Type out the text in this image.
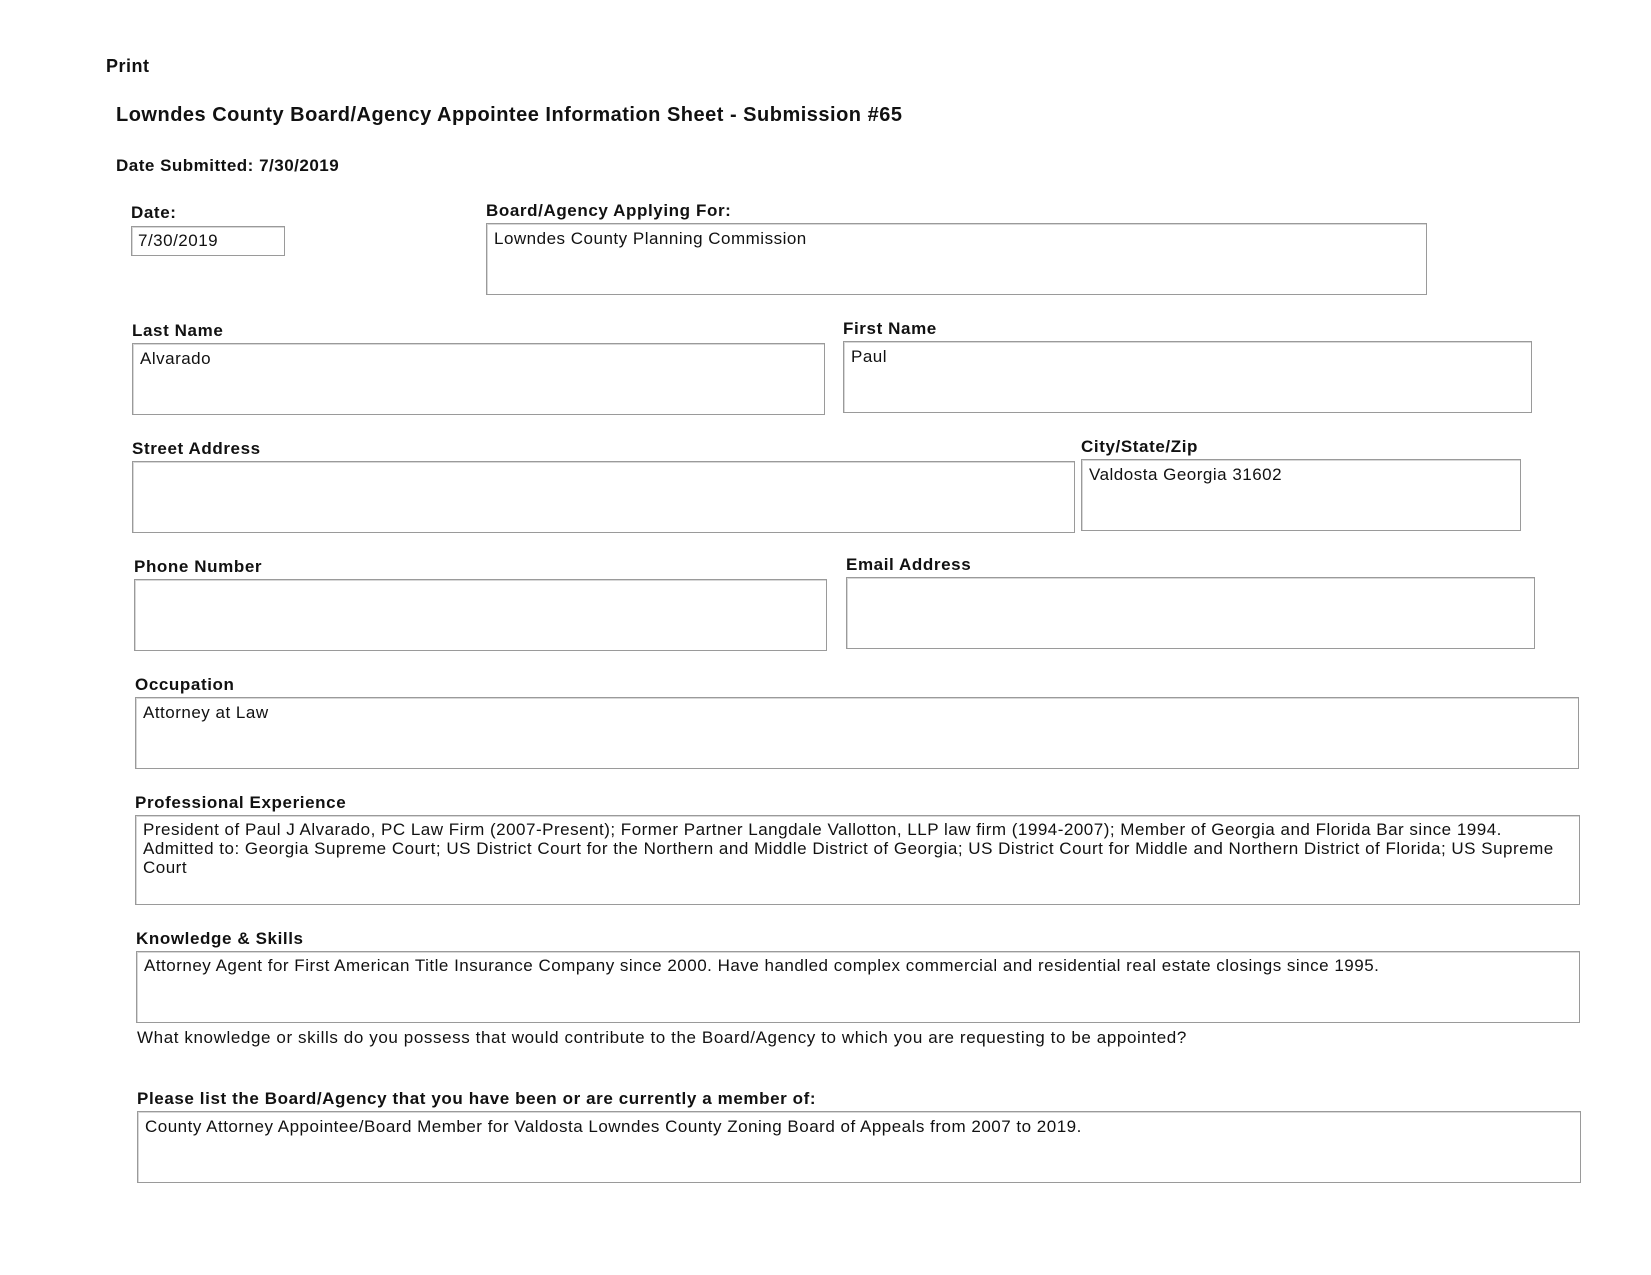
Print
Lowndes County Board/Agency Appointee Information Sheet - Submission #65
Date Submitted: 7/30/2019
Date:
7/30/2019
Board/Agency Applying For:
Lowndes County Planning Commission
Last Name
Alvarado
First Name
Paul
Street Address	City/State/Zip
Valdosta Georgia 31602
Phone Number	Email Address
Occupation
Attorney at Law
Professional Experience
President of Paul J Alvarado, PC Law Firm (2007-Present); Former Partner Langdale Vallotton, LLP law firm (1994-2007); Member of Georgia and Florida Bar since 1994. Admitted to: Georgia Supreme Court; US District Court for the Northern and Middle District of Georgia; US District Court for Middle and Northern District of Florida; US Supreme Court
Knowledge & Skills
Attorney Agent for First American Title Insurance Company since 2000. Have handled complex commercial and residential real estate closings since 1995.
What knowledge or skills do you possess that would contribute to the Board/Agency to which you are requesting to be appointed?
Please list the Board/Agency that you have been or are currently a member of:
County Attorney Appointee/Board Member for Valdosta Lowndes County Zoning Board of Appeals from 2007 to 2019.
